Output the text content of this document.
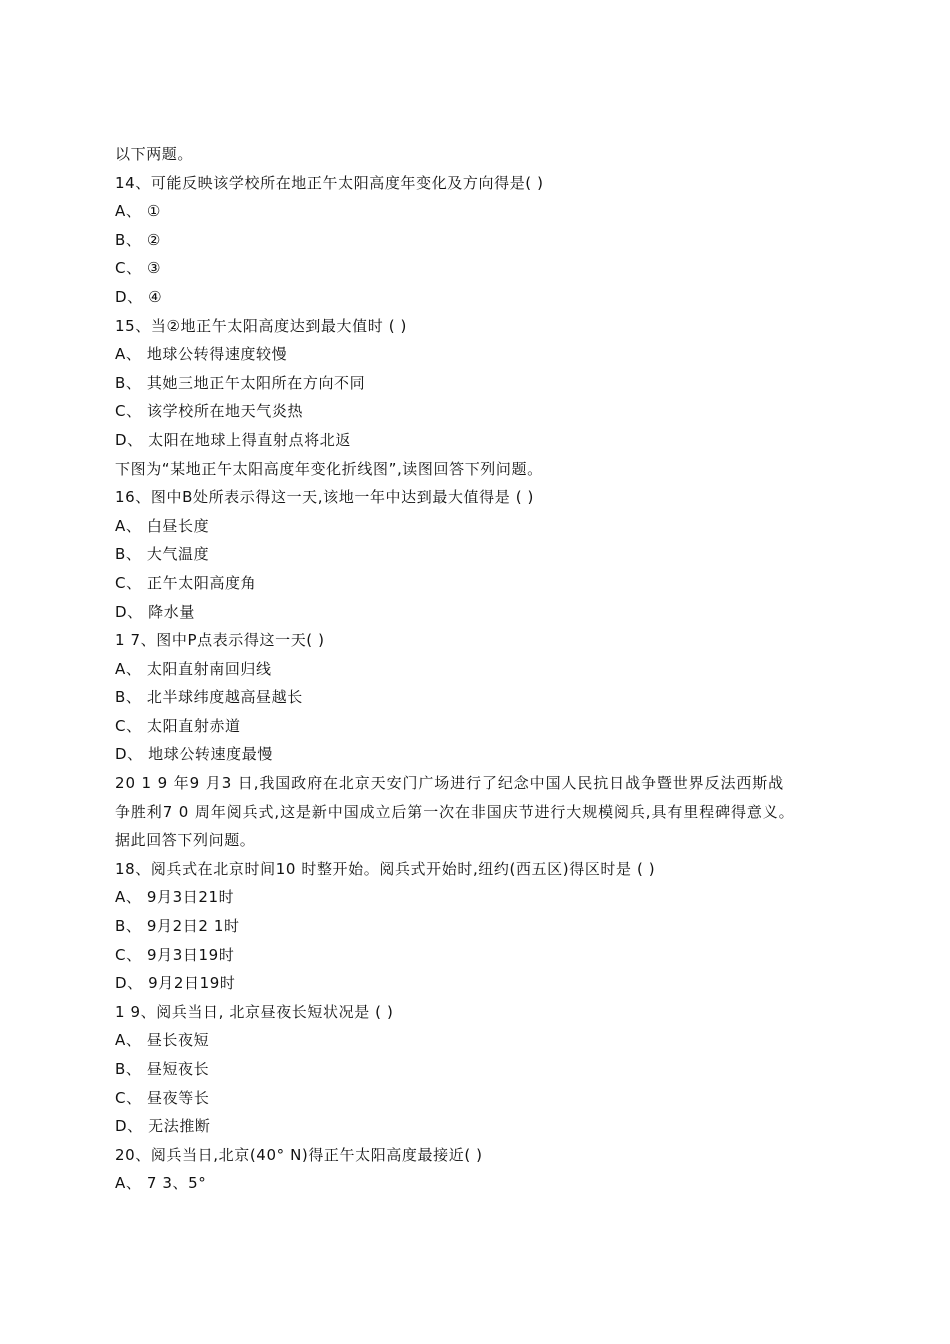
以下两题。
14、可能反映该学校所在地正午太阳高度年变化及方向得是( )
A、 ①
B、 ②
C、 ③
D、 ④
15、当②地正午太阳高度达到最大值时 ( )
A、 地球公转得速度较慢
B、 其她三地正午太阳所在方向不同
C、 该学校所在地天气炎热
D、 太阳在地球上得直射点将北返
下图为“某地正午太阳高度年变化折线图”,读图回答下列问题。
16、图中B处所表示得这一天,该地一年中达到最大值得是 ( )
A、 白昼长度
B、 大气温度
C、 正午太阳高度角
D、 降水量
1 7、图中P点表示得这一天( )
A、 太阳直射南回归线
B、 北半球纬度越高昼越长
C、 太阳直射赤道
D、 地球公转速度最慢
20 1 9 年9 月3 日,我国政府在北京天安门广场进行了纪念中国人民抗日战争暨世界反法西斯战
争胜利7 0 周年阅兵式,这是新中国成立后第一次在非国庆节进行大规模阅兵,具有里程碑得意义。
据此回答下列问题。
18、阅兵式在北京时间10 时整开始。阅兵式开始时,纽约(西五区)得区时是 ( )
A、 9月3日21时
B、 9月2日2 1时
C、 9月3日19时
D、 9月2日19时
1 9、阅兵当日, 北京昼夜长短状况是 ( )
A、 昼长夜短
B、 昼短夜长
C、 昼夜等长
D、 无法推断
20、阅兵当日,北京(40° N)得正午太阳高度最接近( )
A、 7 3、5°
